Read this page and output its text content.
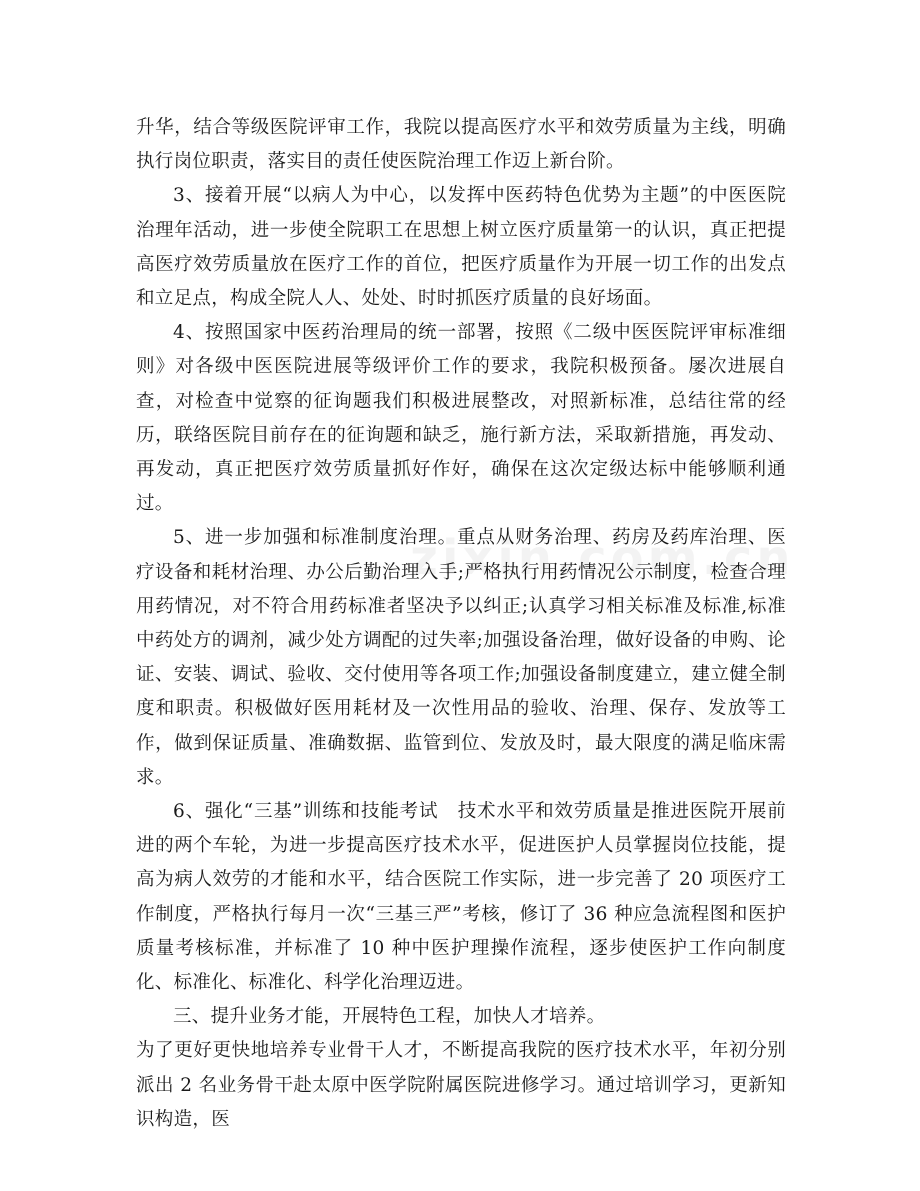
升华，结合等级医院评审工作，我院以提高医疗水平和效劳质量为主线，明确执行岗位职责，落实目的责任使医院治理工作迈上新台阶。

3、接着开展“以病人为中心，以发挥中医药特色优势为主题”的中医医院治理年活动，进一步使全院职工在思想上树立医疗质量第一的认识，真正把提高医疗效劳质量放在医疗工作的首位，把医疗质量作为开展一切工作的出发点和立足点，构成全院人人、处处、时时抓医疗质量的良好场面。

4、按照国家中医药治理局的统一部署，按照《二级中医医院评审标准细则》对各级中医医院进展等级评价工作的要求，我院积极预备。屡次进展自查，对检查中觉察的征询题我们积极进展整改，对照新标准，总结往常的经历，联络医院目前存在的征询题和缺乏，施行新方法，采取新措施，再发动、再发动，真正把医疗效劳质量抓好作好，确保在这次定级达标中能够顺利通过。

5、进一步加强和标准制度治理。重点从财务治理、药房及药库治理、医疗设备和耗材治理、办公后勤治理入手;严格执行用药情况公示制度，检查合理用药情况，对不符合用药标准者坚决予以纠正;认真学习相关标准及标准,标准中药处方的调剂，减少处方调配的过失率;加强设备治理，做好设备的申购、论证、安装、调试、验收、交付使用等各项工作;加强设备制度建立，建立健全制度和职责。积极做好医用耗材及一次性用品的验收、治理、保存、发放等工作，做到保证质量、准确数据、监管到位、发放及时，最大限度的满足临床需求。

6、强化“三基”训练和技能考试　技术水平和效劳质量是推进医院开展前进的两个车轮，为进一步提高医疗技术水平，促进医护人员掌握岗位技能，提高为病人效劳的才能和水平，结合医院工作实际，进一步完善了 20 项医疗工作制度，严格执行每月一次“三基三严”考核，修订了 36 种应急流程图和医护质量考核标准，并标准了 10 种中医护理操作流程，逐步使医护工作向制度化、标准化、标准化、科学化治理迈进。

三、提升业务才能，开展特色工程，加快人才培养。

为了更好更快地培养专业骨干人才，不断提高我院的医疗技术水平，年初分别派出 2 名业务骨干赴太原中医学院附属医院进修学习。通过培训学习，更新知识构造，医
